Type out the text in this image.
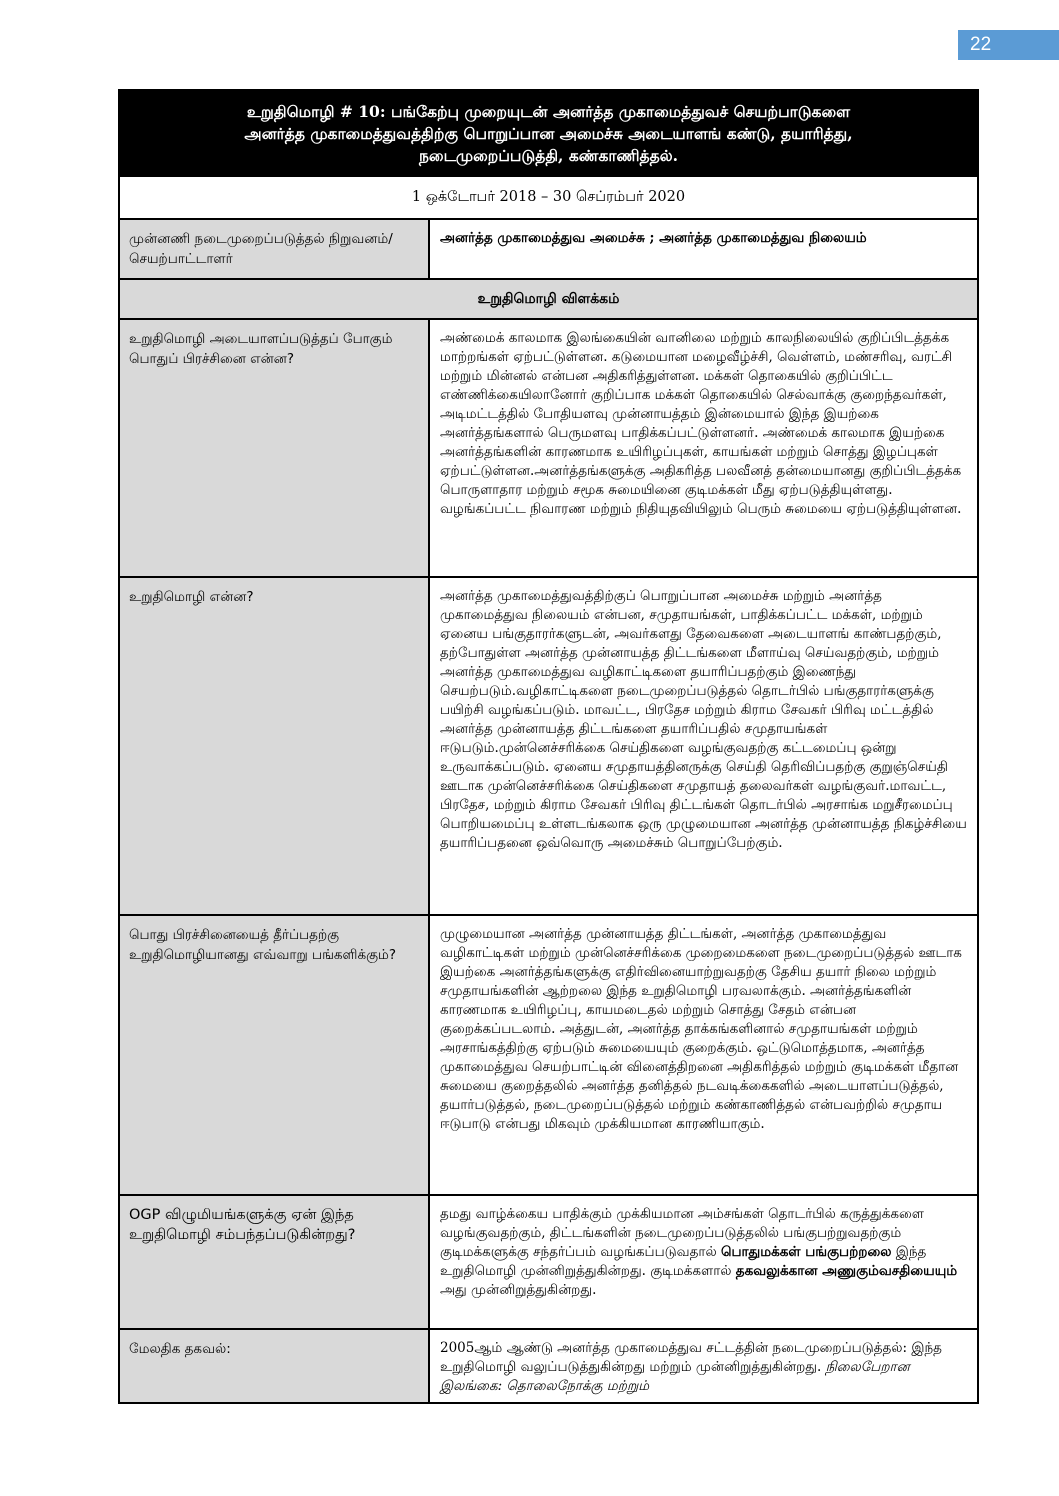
22
உறுதிமொழி # 10: பங்கேற்பு முறையுடன் அனர்த்த முகாமைத்துவச் செயற்பாடுகளை
அனர்த்த முகாமைத்துவத்திற்கு பொறுப்பான அமைச்சு அடையாளங் கண்டு, தயாரித்து,
நடைமுறைப்படுத்தி, கண்காணித்தல்.	

1 ஒக்டோபர் 2018 – 30 செப்ரம்பர் 2020	
முன்னணி நடைமுறைப்படுத்தல் நிறுவனம்/செயற்பாட்டாளர்	அனர்த்த முகாமைத்துவ அமைச்சு ; அனர்த்த முகாமைத்துவ நிலையம்
உறுதிமொழி விளக்கம்	
உறுதிமொழி அடையாளப்படுத்தப் போகும் பொதுப் பிரச்சினை என்ன?	அண்மைக் காலமாக இலங்கையின் வானிலை மற்றும் காலநிலையில் குறிப்பிடத்தக்க மாற்றங்கள் ஏற்பட்டுள்ளன. கடுமையான மழைவீழ்ச்சி, வெள்ளம், மண்சரிவு, வரட்சி மற்றும் மின்னல் என்பன அதிகரித்துள்ளன. மக்கள் தொகையில் குறிப்பிட்ட எண்ணிக்கையிலானோர் குறிப்பாக மக்கள் தொகையில் செல்வாக்கு குறைந்தவர்கள், அடிமட்டத்தில் போதியளவு முன்னாயத்தம் இன்மையால் இந்த இயற்கை அனர்த்தங்களால் பெருமளவு பாதிக்கப்பட்டுள்ளனர். அண்மைக் காலமாக இயற்கை அனர்த்தங்களின் காரணமாக உயிரிழப்புகள், காயங்கள் மற்றும் சொத்து இழப்புகள் ஏற்பட்டுள்ளன.அனர்த்தங்களுக்கு அதிகரித்த பலவீனத் தன்மையானது குறிப்பிடத்தக்க பொருளாதார மற்றும் சமூக சுமையினை குடிமக்கள் மீது ஏற்படுத்தியுள்ளது. வழங்கப்பட்ட நிவாரண மற்றும் நிதியுதவியிலும் பெரும் சுமையை ஏற்படுத்தியுள்ளன.
உறுதிமொழி என்ன?	அனர்த்த முகாமைத்துவத்திற்குப் பொறுப்பான அமைச்சு மற்றும் அனர்த்த முகாமைத்துவ நிலையம் என்பன, சமுதாயங்கள், பாதிக்கப்பட்ட மக்கள், மற்றும் ஏனைய பங்குதாரர்களுடன், அவர்களது தேவைகளை அடையாளங் காண்பதற்கும், தற்போதுள்ள அனர்த்த முன்னாயத்த திட்டங்களை மீளாய்வு செய்வதற்கும், மற்றும் அனர்த்த முகாமைத்துவ வழிகாட்டிகளை தயாரிப்பதற்கும் இணைந்து செயற்படும்.வழிகாட்டிகளை நடைமுறைப்படுத்தல் தொடர்பில் பங்குதாரர்களுக்கு பயிற்சி வழங்கப்படும். மாவட்ட, பிரதேச மற்றும் கிராம சேவகர் பிரிவு மட்டத்தில் அனர்த்த முன்னாயத்த திட்டங்களை தயாரிப்பதில் சமுதாயங்கள் ஈடுபடும்.முன்னெச்சரிக்கை செய்திகளை வழங்குவதற்கு கட்டமைப்பு ஒன்று உருவாக்கப்படும். ஏனைய சமுதாயத்தினருக்கு செய்தி தெரிவிப்பதற்கு குறுஞ்செய்தி ஊடாக முன்னெச்சரிக்கை செய்திகளை சமுதாயத் தலைவர்கள் வழங்குவர்.மாவட்ட, பிரதேச, மற்றும் கிராம சேவகர் பிரிவு திட்டங்கள் தொடர்பில் அரசாங்க மறுசீரமைப்பு பொறியமைப்பு உள்ளடங்கலாக ஒரு முழுமையான அனர்த்த முன்னாயத்த நிகழ்ச்சியை தயாரிப்பதனை ஒவ்வொரு அமைச்சும் பொறுப்பேற்கும்.
பொது பிரச்சினையைத் தீர்ப்பதற்கு உறுதிமொழியானது எவ்வாறு பங்களிக்கும்?	முழுமையான அனர்த்த முன்னாயத்த திட்டங்கள், அனர்த்த முகாமைத்துவ வழிகாட்டிகள் மற்றும் முன்னெச்சரிக்கை முறைமைகளை நடைமுறைப்படுத்தல் ஊடாக இயற்கை அனர்த்தங்களுக்கு எதிர்வினையாற்றுவதற்கு தேசிய தயார் நிலை மற்றும் சமுதாயங்களின் ஆற்றலை இந்த உறுதிமொழி பரவலாக்கும். அனர்த்தங்களின் காரணமாக உயிரிழப்பு, காயமடைதல் மற்றும் சொத்து சேதம் என்பன குறைக்கப்படலாம். அத்துடன், அனர்த்த தாக்கங்களினால் சமுதாயங்கள் மற்றும் அரசாங்கத்திற்கு ஏற்படும் சுமையையும் குறைக்கும். ஒட்டுமொத்தமாக, அனர்த்த முகாமைத்துவ செயற்பாட்டின் வினைத்திறனை அதிகரித்தல் மற்றும் குடிமக்கள் மீதான சுமையை குறைத்தலில் அனர்த்த தனித்தல் நடவடிக்கைகளில் அடையாளப்படுத்தல், தயார்படுத்தல், நடைமுறைப்படுத்தல் மற்றும் கண்காணித்தல் என்பவற்றில் சமுதாய ஈடுபாடு என்பது மிகவும் முக்கியமான காரணியாகும்.
OGP விழுமியங்களுக்கு ஏன் இந்த உறுதிமொழி சம்பந்தப்படுகின்றது?	தமது வாழ்க்கைய பாதிக்கும் முக்கியமான அம்சங்கள் தொடர்பில் கருத்துக்களை வழங்குவதற்கும், திட்டங்களின் நடைமுறைப்படுத்தலில் பங்குபற்றுவதற்கும் குடிமக்களுக்கு சந்தர்ப்பம் வழங்கப்படுவதால் பொதுமக்கள் பங்குபற்றலை இந்த உறுதிமொழி முன்னிறுத்துகின்றது. குடிமக்களால் தகவலுக்கான அணுகும்வசதியையும் அது முன்னிறுத்துகின்றது.
மேலதிக தகவல்:	2005ஆம் ஆண்டு அனர்த்த முகாமைத்துவ சட்டத்தின் நடைமுறைப்படுத்தல்: இந்த உறுதிமொழி வலுப்படுத்துகின்றது மற்றும் முன்னிறுத்துகின்றது. நிலைபேறான இலங்கை: தொலைநோக்கு மற்றும்
